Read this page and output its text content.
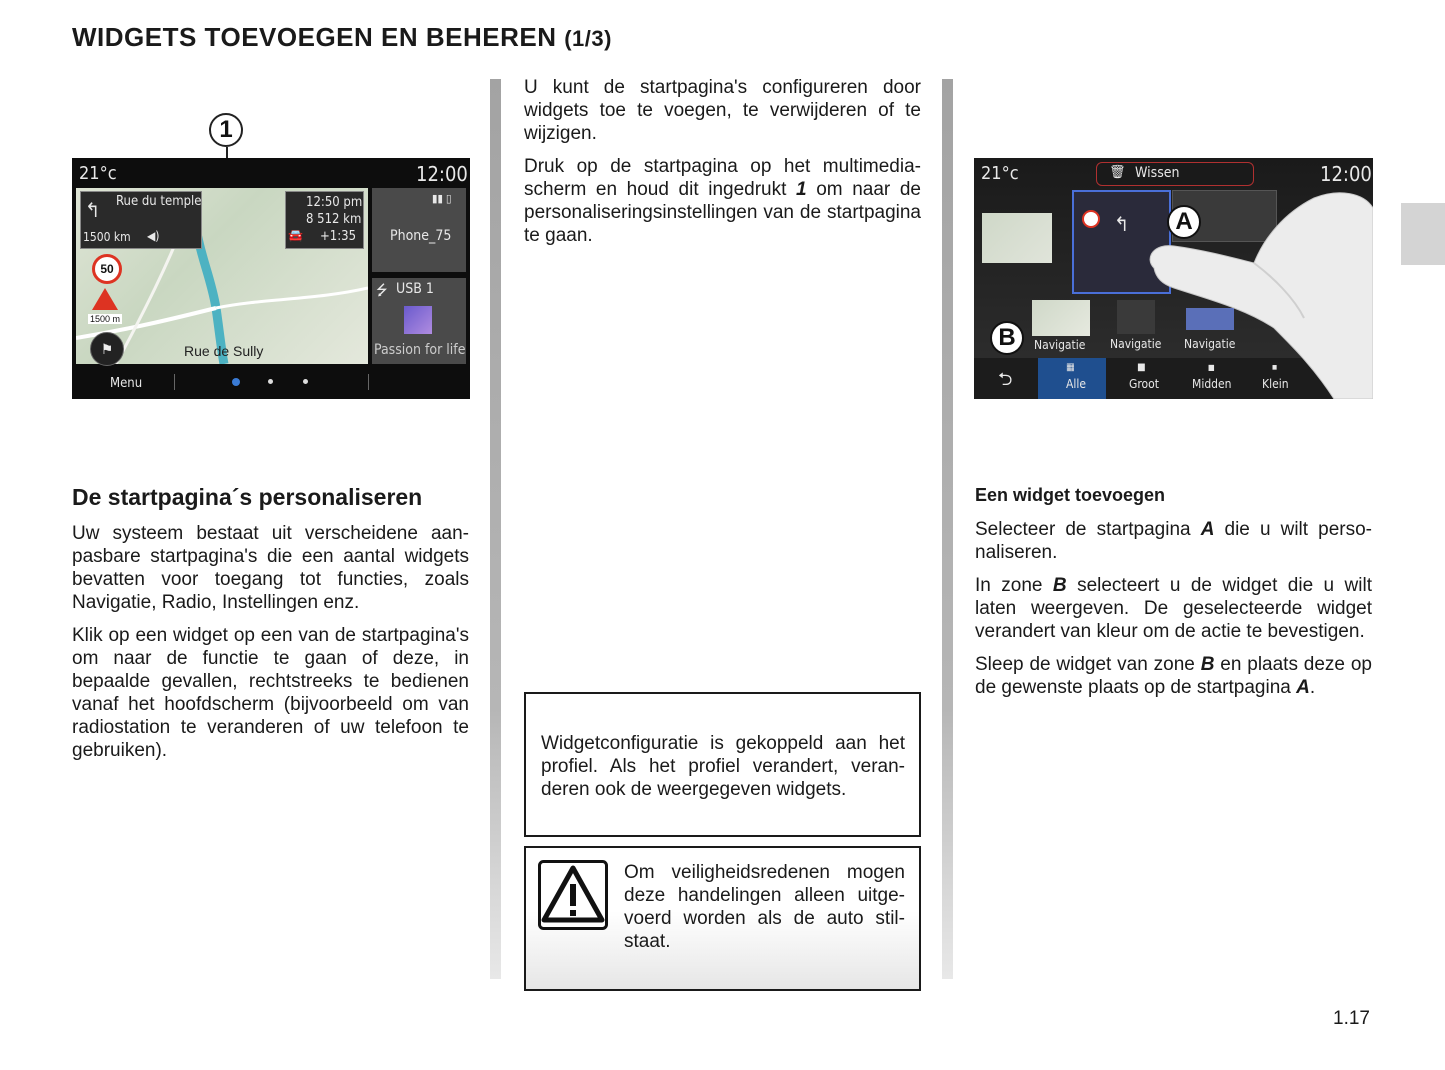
WIDGETS TOEVOEGEN EN BEHEREN (1/3)
1
21°c	12:00
↰ Rue du temple
1500 km ◀)
12:50 pm
8 512 km
🚘 +1:35
50
1500 m
⚑	Rue de Sully
▮▮ ▯
Phone_75
⭍ USB 1
Passion for life
Menu
De startpagina´s personaliseren

Uw systeem bestaat uit verscheidene aanpasbare startpagina's die een aantal widgets bevatten voor toegang tot functies, zoals Navigatie, Radio, Instellingen enz.

Klik op een widget op een van de startpagina's om naar de functie te gaan of deze, in bepaalde gevallen, rechtstreeks te bedienen vanaf het hoofdscherm (bijvoorbeeld om van radiostation te veranderen of uw telefoon te gebruiken).

U kunt de startpagina's configureren door widgets toe te voegen, te verwijderen of te wijzigen.

Druk op de startpagina op het multimediascherm en houd dit ingedrukt 1 om naar de personaliseringsinstellingen van de startpagina te gaan.

Widgetconfiguratie is gekoppeld aan het profiel. Als het profiel verandert, veranderen ook de weergegeven widgets.
Om veiligheidsredenen mogen deze handelingen alleen uitgevoerd worden als de auto stilstaat.
21°c	🗑 Wissen	12:00
↰	A
B	Navigatie Navigatie Navigatie
⮌
▦
Alle
■
Groot
■
Midden
■
Klein
Een widget toevoegen

Selecteer de startpagina A die u wilt personaliseren.

In zone B selecteert u de widget die u wilt laten weergeven. De geselecteerde widget verandert van kleur om de actie te bevestigen.

Sleep de widget van zone B en plaats deze op de gewenste plaats op de startpagina A.

1.17
